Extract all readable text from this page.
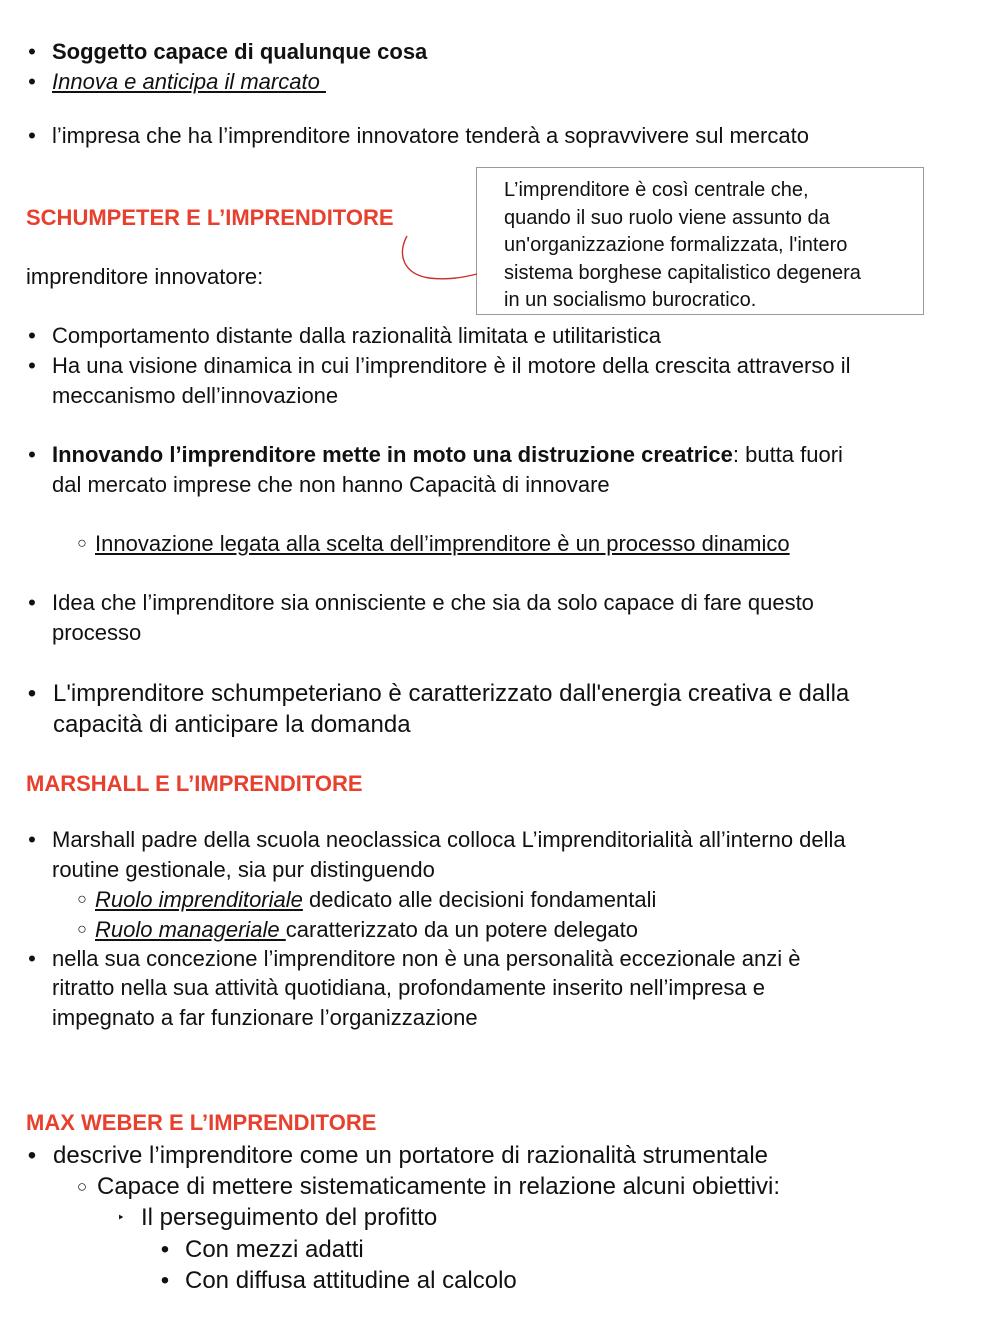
• Soggetto capace di qualunque cosa
• Innova e anticipa il marcato
• l’impresa che ha l’imprenditore innovatore tenderà a sopravvivere sul mercato
SCHUMPETER E L’IMPRENDITORE
L’imprenditore è così centrale che,
quando il suo ruolo viene assunto da
un'organizzazione formalizzata, l'intero
sistema borghese capitalistico degenera
in un socialismo burocratico.
imprenditore innovatore:
• Comportamento distante dalla razionalità limitata e utilitaristica
• Ha una visione dinamica in cui l’imprenditore è il motore della crescita attraverso il
meccanismo dell’innovazione
• Innovando l’imprenditore mette in moto una distruzione creatrice: butta fuori
dal mercato imprese che non hanno Capacità di innovare
○ Innovazione legata alla scelta dell’imprenditore è un processo dinamico
• Idea che l’imprenditore sia onnisciente e che sia da solo capace di fare questo
processo
• L'imprenditore schumpeteriano è caratterizzato dall'energia creativa e dalla
capacità di anticipare la domanda
MARSHALL E L’IMPRENDITORE
• Marshall padre della scuola neoclassica colloca L’imprenditorialità all’interno della
routine gestionale, sia pur distinguendo
○ Ruolo imprenditoriale dedicato alle decisioni fondamentali
○ Ruolo manageriale caratterizzato da un potere delegato
• nella sua concezione l’imprenditore non è una personalità eccezionale anzi è
ritratto nella sua attività quotidiana, profondamente inserito nell’impresa e
impegnato a far funzionare l’organizzazione
MAX WEBER E L’IMPRENDITORE
• descrive l’imprenditore come un portatore di razionalità strumentale
○ Capace di mettere sistematicamente in relazione alcuni obiettivi:
‣ Il perseguimento del profitto
• Con mezzi adatti
• Con diffusa attitudine al calcolo
